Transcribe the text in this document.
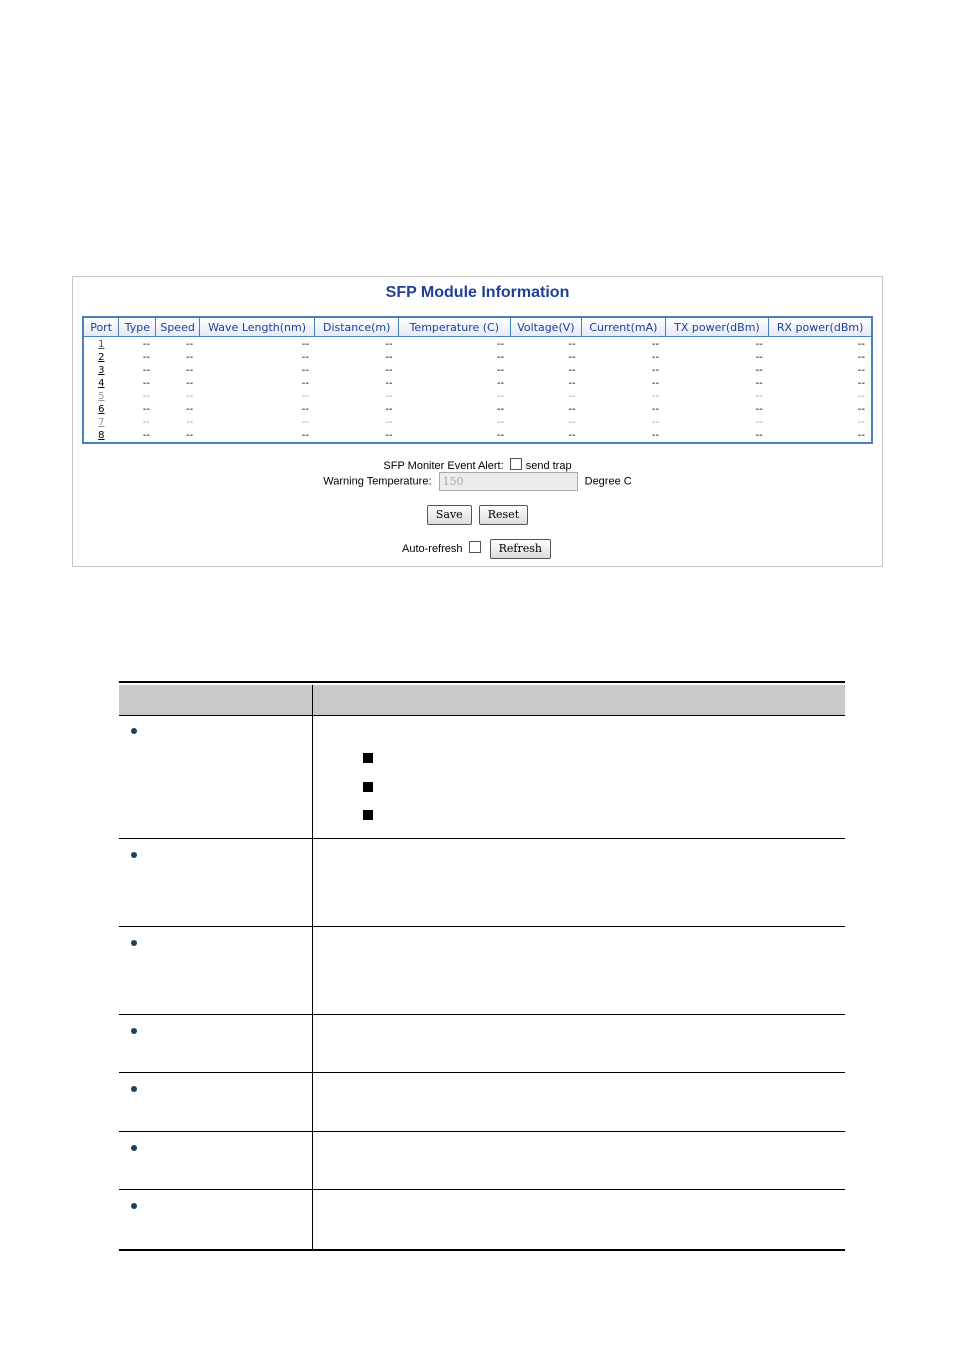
SFP Module Information
Port	Type	Speed	Wave Length(nm)	Distance(m)	Temperature (C)	Voltage(V)	Current(mA)	TX power(dBm)	RX power(dBm)
1	--	--	--	--	--	--	--	--	--
2	--	--	--	--	--	--	--	--	--
3	--	--	--	--	--	--	--	--	--
4	--	--	--	--	--	--	--	--	--
5	--	--	--	--	--	--	--	--	--
6	--	--	--	--	--	--	--	--	--
7	--	--	--	--	--	--	--	--	--
8	--	--	--	--	--	--	--	--	--
SFP Moniter Event Alert: send trap
Warning Temperature: 150	Degree C
Save Reset
Auto-refresh	Refresh
